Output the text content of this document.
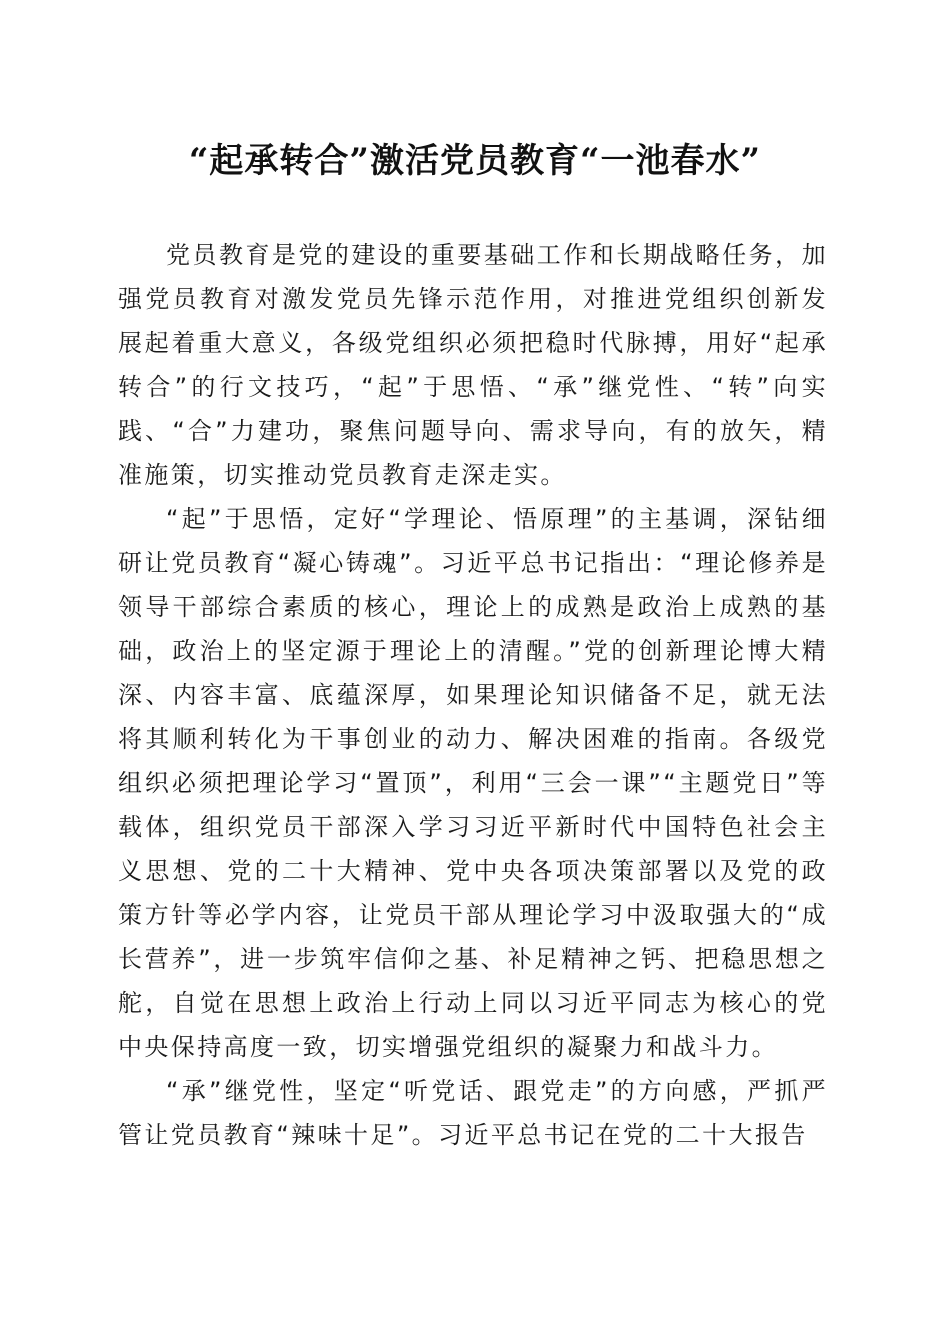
“起承转合”激活党员教育“一池春水”

党员教育是党的建设的重要基础工作和长期战略任务，加强党员教育对激发党员先锋示范作用，对推进党组织创新发展起着重大意义，各级党组织必须把稳时代脉搏，用好“起承转合”的行文技巧，“起”于思悟、“承”继党性、“转”向实践、“合”力建功，聚焦问题导向、需求导向，有的放矢，精准施策，切实推动党员教育走深走实。

“起”于思悟，定好“学理论、悟原理”的主基调，深钻细研让党员教育“凝心铸魂”。习近平总书记指出：“理论修养是领导干部综合素质的核心，理论上的成熟是政治上成熟的基础，政治上的坚定源于理论上的清醒。”党的创新理论博大精深、内容丰富、底蕴深厚，如果理论知识储备不足，就无法将其顺利转化为干事创业的动力、解决困难的指南。各级党组织必须把理论学习“置顶”，利用“三会一课”“主题党日”等载体，组织党员干部深入学习习近平新时代中国特色社会主义思想、党的二十大精神、党中央各项决策部署以及党的政策方针等必学内容，让党员干部从理论学习中汲取强大的“成长营养”，进一步筑牢信仰之基、补足精神之钙、把稳思想之舵，自觉在思想上政治上行动上同以习近平同志为核心的党中央保持高度一致，切实增强党组织的凝聚力和战斗力。

“承”继党性，坚定“听党话、跟党走”的方向感，严抓严管让党员教育“辣味十足”。习近平总书记在党的二十大报告
